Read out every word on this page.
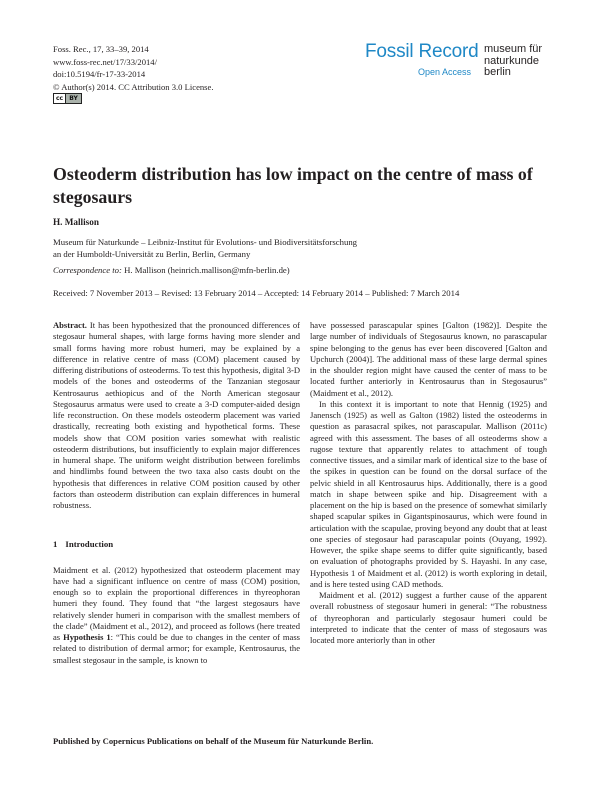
Foss. Rec., 17, 33–39, 2014
www.foss-rec.net/17/33/2014/
doi:10.5194/fr-17-33-2014
© Author(s) 2014. CC Attribution 3.0 License.
cc	BY
Fossil Record
Open Access
museum für
naturkunde
berlin
Osteoderm distribution has low impact on the centre of mass of stegosaurs
H. Mallison
Museum für Naturkunde – Leibniz-Institut für Evolutions- und Biodiversitätsforschung
an der Humboldt-Universität zu Berlin, Berlin, Germany
Correspondence to: H. Mallison (heinrich.mallison@mfn-berlin.de)
Received: 7 November 2013 – Revised: 13 February 2014 – Accepted: 14 February 2014 – Published: 7 March 2014

Abstract. It has been hypothesized that the pronounced differences of stegosaur humeral shapes, with large forms having more slender and small forms having more robust humeri, may be explained by a difference in relative centre of mass (COM) placement caused by differing distributions of osteoderms. To test this hypothesis, digital 3-D models of the bones and osteoderms of the Tanzanian stegosaur Kentrosaurus aethiopicus and of the North American stegosaur Stegosaurus armatus were used to create a 3-D computer-aided design life reconstruction. On these models osteoderm placement was varied drastically, recreating both existing and hypothetical forms. These models show that COM position varies somewhat with realistic osteoderm distributions, but insufficiently to explain major differences in humeral shape. The uniform weight distribution between forelimbs and hindlimbs found between the two taxa also casts doubt on the hypothesis that differences in relative COM position caused by other factors than osteoderm distribution can explain differences in humeral robustness.

1 Introduction

Maidment et al. (2012) hypothesized that osteoderm placement may have had a significant influence on centre of mass (COM) position, enough so to explain the proportional differences in thyreophoran humeri they found. They found that “the largest stegosaurs have relatively slender humeri in comparison with the smallest members of the clade” (Maidment et al., 2012), and proceed as follows (here treated as Hypothesis 1: “This could be due to changes in the center of mass related to distribution of dermal armor; for example, Kentrosaurus, the smallest stegosaur in the sample, is known to

have possessed parascapular spines [Galton (1982)]. Despite the large number of individuals of Stegosaurus known, no parascapular spine belonging to the genus has ever been discovered [Galton and Upchurch (2004)]. The additional mass of these large dermal spines in the shoulder region might have caused the center of mass to be located further anteriorly in Kentrosaurus than in Stegosaurus” (Maidment et al., 2012).

In this context it is important to note that Hennig (1925) and Janensch (1925) as well as Galton (1982) listed the osteoderms in question as parasacral spikes, not parascapular. Mallison (2011c) agreed with this assessment. The bases of all osteoderms show a rugose texture that apparently relates to attachment of tough connective tissues, and a similar mark of identical size to the base of the spikes in question can be found on the dorsal surface of the pelvic shield in all Kentrosaurus hips. Additionally, there is a good match in shape between spike and hip. Disagreement with a placement on the hip is based on the presence of somewhat similarly shaped scapular spikes in Gigantspinosaurus, which were found in articulation with the scapulae, proving beyond any doubt that at least one species of stegosaur had parascapular points (Ouyang, 1992). However, the spike shape seems to differ quite significantly, based on evaluation of photographs provided by S. Hayashi. In any case, Hypothesis 1 of Maidment et al. (2012) is worth exploring in detail, and is here tested using CAD methods.

Maidment et al. (2012) suggest a further cause of the apparent overall robustness of stegosaur humeri in general: “The robustness of thyreophoran and particularly stegosaur humeri could be interpreted to indicate that the center of mass of stegosaurs was located more anteriorly than in other

Published by Copernicus Publications on behalf of the Museum für Naturkunde Berlin.
